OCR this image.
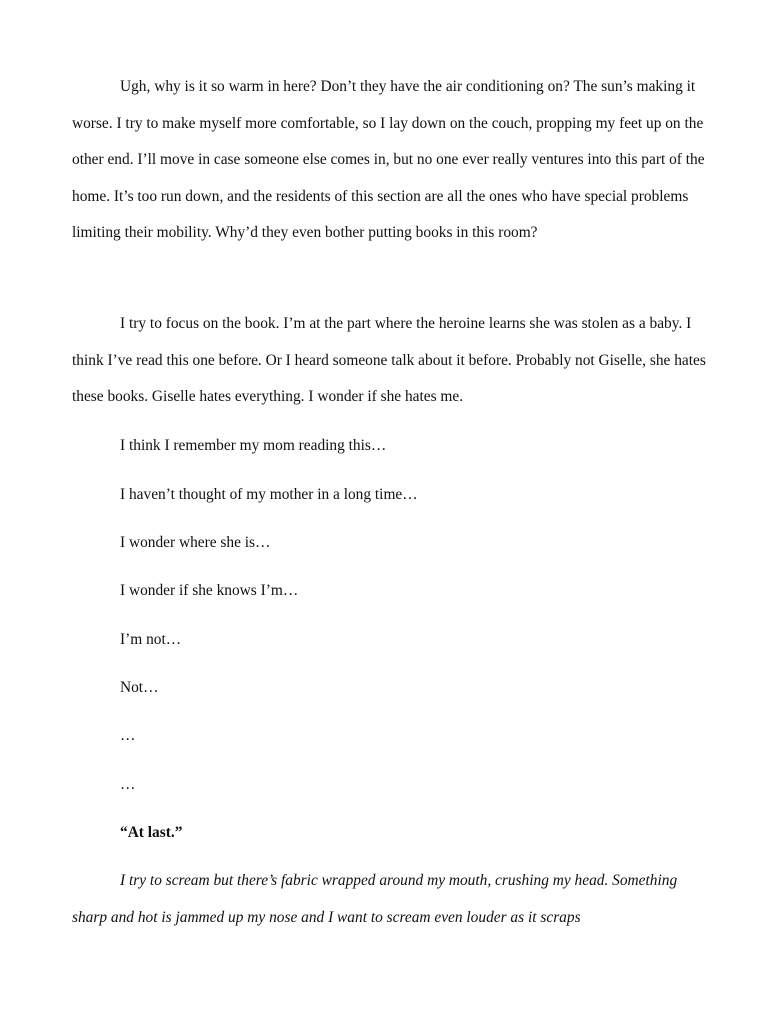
Ugh, why is it so warm in here? Don’t they have the air conditioning on? The sun’s making it worse. I try to make myself more comfortable, so I lay down on the couch, propping my feet up on the other end. I’ll move in case someone else comes in, but no one ever really ventures into this part of the home. It’s too run down, and the residents of this section are all the ones who have special problems limiting their mobility. Why’d they even bother putting books in this room?

I try to focus on the book. I’m at the part where the heroine learns she was stolen as a baby. I think I’ve read this one before. Or I heard someone talk about it before. Probably not Giselle, she hates these books. Giselle hates everything. I wonder if she hates me.

I think I remember my mom reading this…

I haven’t thought of my mother in a long time…

I wonder where she is…

I wonder if she knows I’m…

I’m not…

Not…

…

…

“At last.”

I try to scream but there’s fabric wrapped around my mouth, crushing my head. Something sharp and hot is jammed up my nose and I want to scream even louder as it scraps
